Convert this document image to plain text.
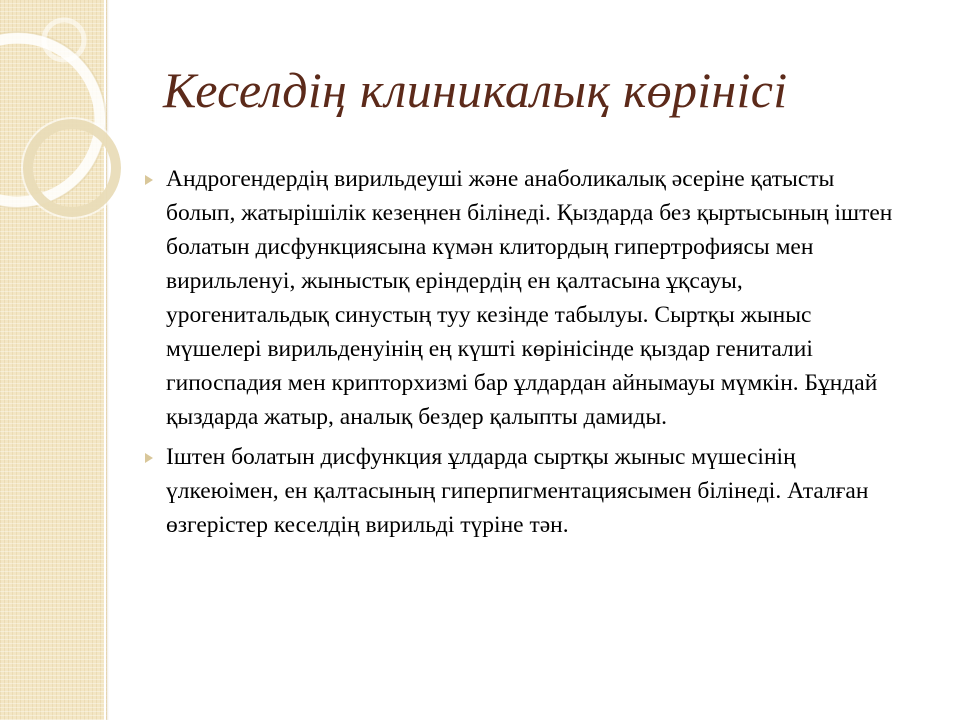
Кеселдің клиникалық көрінісі

Андрогендердің вирильдеуші және анаболикалық әсеріне қатысты болып, жатырішілік кезеңнен білінеді. Қыздарда без қыртысының іштен болатын дисфункциясына күмән клитордың гипертрофиясы мен вирильленуі, жыныстық еріндердің ен қалтасына ұқсауы, урогенитальдық синустың туу кезінде табылуы. Сыртқы жыныс мүшелері вирильденуінің ең күшті көрінісінде қыздар гениталиі гипоспадия мен крипторхизмі бар ұлдардан айнымауы мүмкін. Бұндай қыздарда жатыр, аналық бездер қалыпты дамиды.

Іштен болатын дисфункция ұлдарда сыртқы жыныс мүшесінің үлкеюімен, ен қалтасының гиперпигментациясымен білінеді. Аталған өзгерістер кеселдің вирильді түріне тән.
